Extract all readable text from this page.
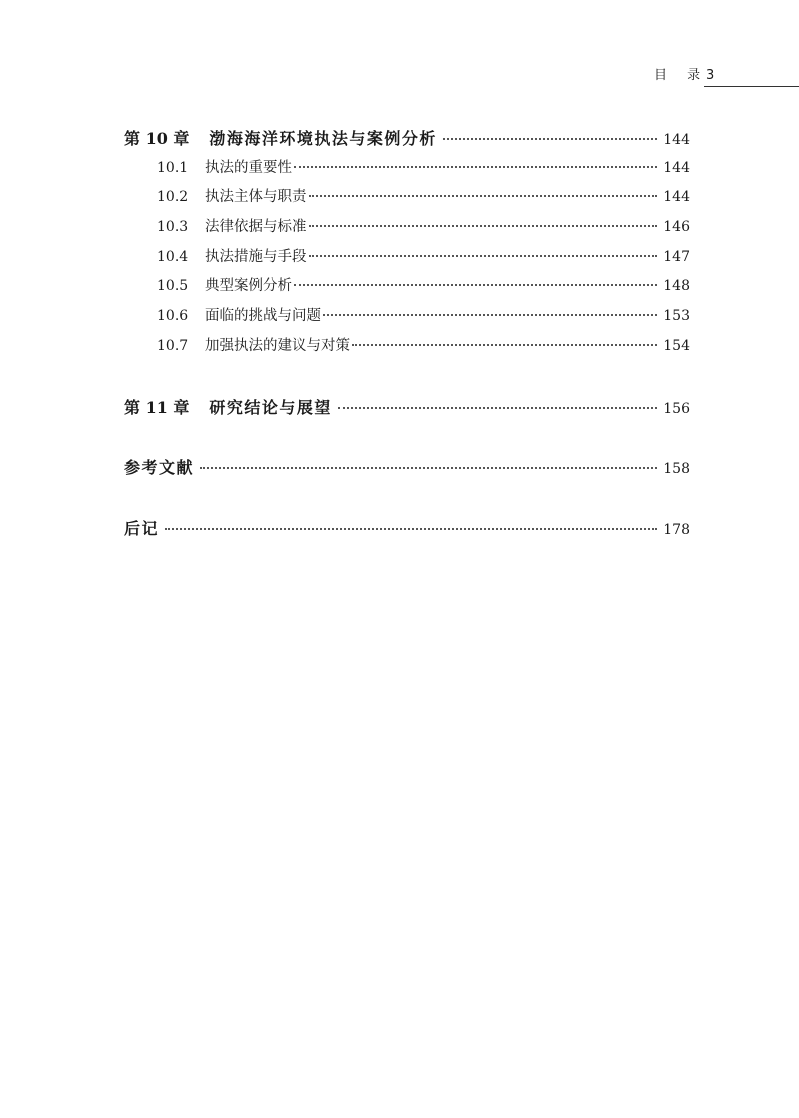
目 录
3
第 10 章 渤海海洋环境执法与案例分析	144
10.1	执法的重要性	144
10.2	执法主体与职责	144
10.3	法律依据与标准	146
10.4	执法措施与手段	147
10.5	典型案例分析	148
10.6	面临的挑战与问题	153
10.7	加强执法的建议与对策	154
第 11 章 研究结论与展望	156
参考文献	158
后记	178
